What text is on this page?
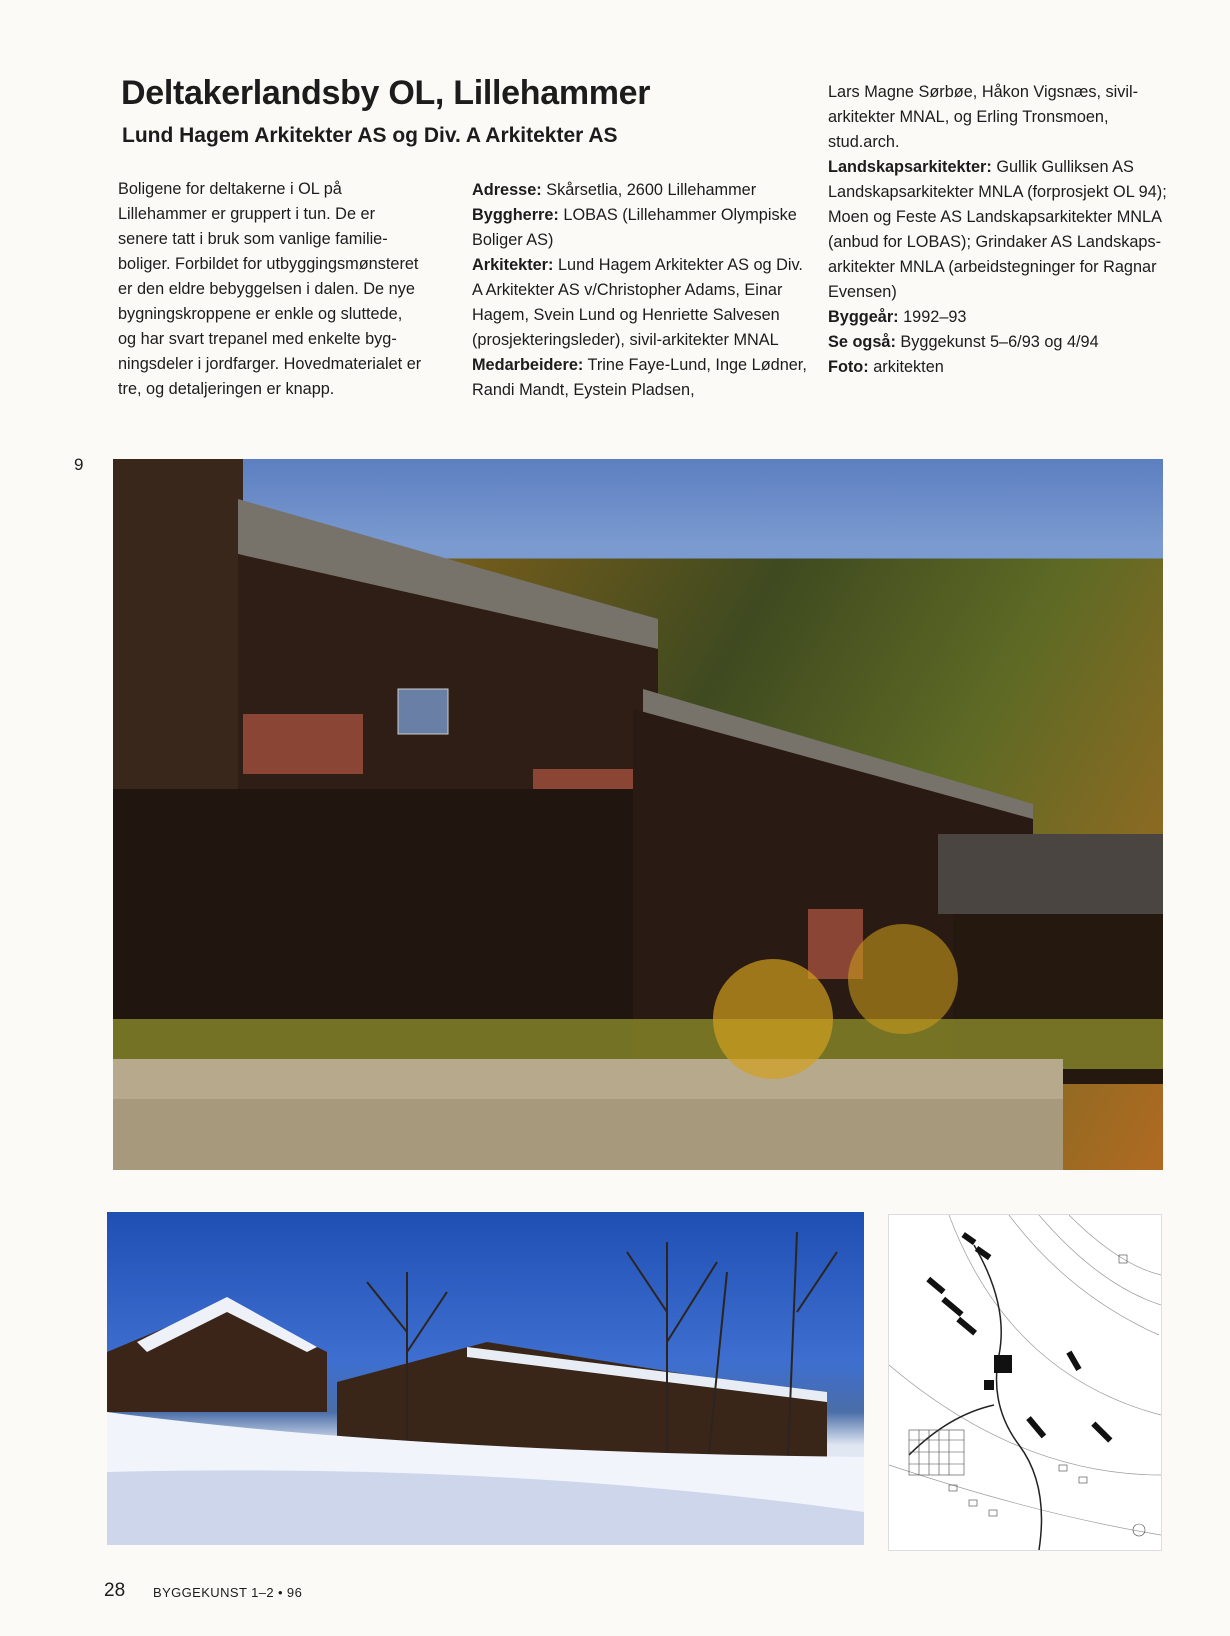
Deltakerlandsby OL, Lillehammer
Lund Hagem Arkitekter AS og Div. A Arkitekter AS

Boligene for deltakerne i OL på

Lillehammer er gruppert i tun. De er

senere tatt i bruk som vanlige familie-

boliger. Forbildet for utbyggingsmønsteret

er den eldre bebyggelsen i dalen. De nye

bygningskroppene er enkle og sluttede,

og har svart trepanel med enkelte byg-

ningsdeler i jordfarger. Hovedmaterialet er

tre, og detaljeringen er knapp.

Adresse: Skårsetlia, 2600 Lillehammer

Byggherre: LOBAS (Lillehammer Olympiske Boliger AS)

Arkitekter: Lund Hagem Arkitekter AS og Div. A Arkitekter AS v/Christopher Adams, Einar Hagem, Svein Lund og Henriette Salvesen (prosjekteringsleder), sivil-arkitekter MNAL

Medarbeidere: Trine Faye-Lund, Inge Lødner, Randi Mandt, Eystein Pladsen,

Lars Magne Sørbøe, Håkon Vigsnæs, sivil-arkitekter MNAL, og Erling Tronsmoen, stud.arch.

Landskapsarkitekter: Gullik Gulliksen AS Landskapsarkitekter MNLA (forprosjekt OL 94); Moen og Feste AS Landskapsarkitekter MNLA (anbud for LOBAS); Grindaker AS Landskaps-arkitekter MNLA (arbeidstegninger for Ragnar Evensen)

Byggeår: 1992–93

Se også: Byggekunst 5–6/93 og 4/94

Foto: arkitekten

9
28 BYGGEKUNST 1–2 • 96
